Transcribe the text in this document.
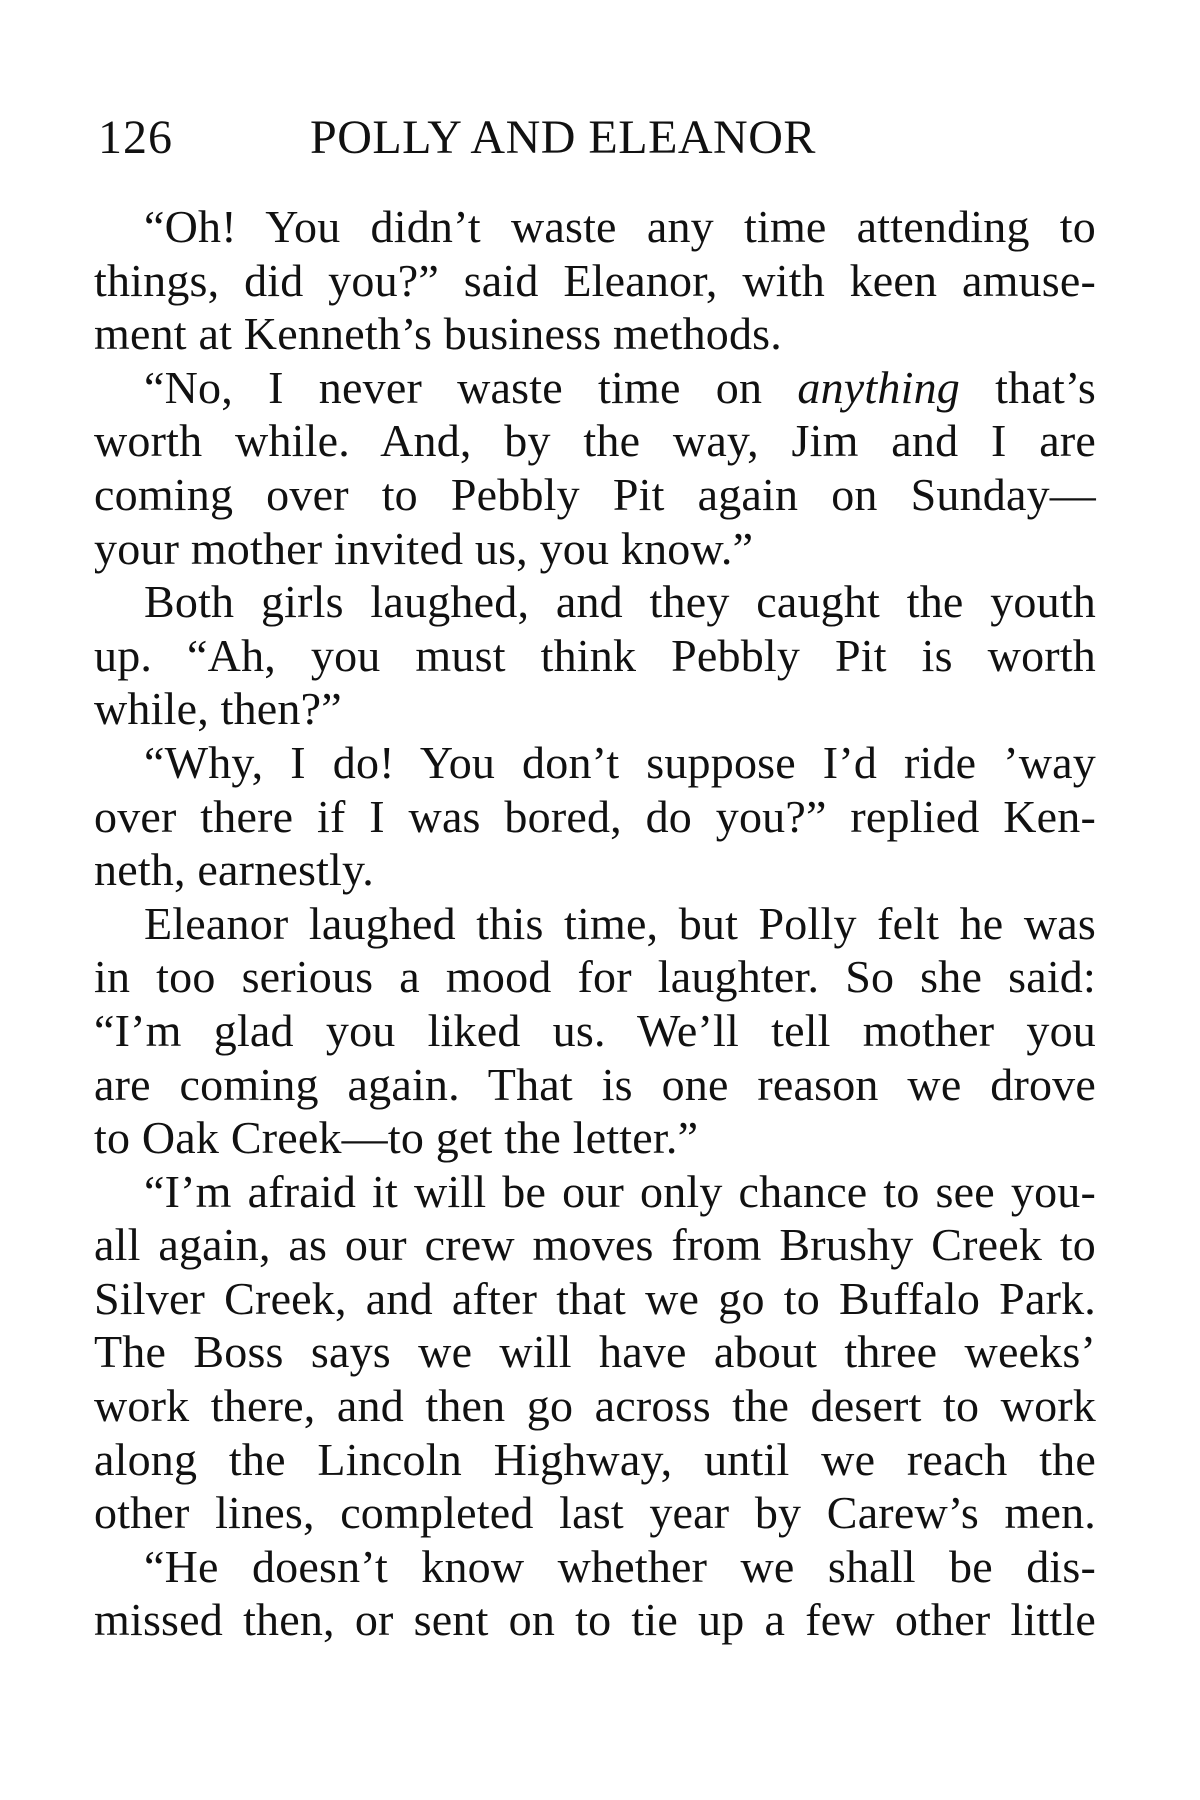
126	POLLY AND ELEANOR
“Oh! You didn’t waste any time attending to
things, did you?” said Eleanor, with keen amuse-
ment at Kenneth’s business methods.
“No, I never waste time on anything that’s
worth while. And, by the way, Jim and I are
coming over to Pebbly Pit again on Sunday—
your mother invited us, you know.”
Both girls laughed, and they caught the youth
up. “Ah, you must think Pebbly Pit is worth
while, then?”
“Why, I do! You don’t suppose I’d ride ’way
over there if I was bored, do you?” replied Ken-
neth, earnestly.
Eleanor laughed this time, but Polly felt he was
in too serious a mood for laughter. So she said:
“I’m glad you liked us. We’ll tell mother you
are coming again. That is one reason we drove
to Oak Creek—to get the letter.”
“I’m afraid it will be our only chance to see you-
all again, as our crew moves from Brushy Creek to
Silver Creek, and after that we go to Buffalo Park.
The Boss says we will have about three weeks’
work there, and then go across the desert to work
along the Lincoln Highway, until we reach the
other lines, completed last year by Carew’s men.
“He doesn’t know whether we shall be dis-
missed then, or sent on to tie up a few other little
